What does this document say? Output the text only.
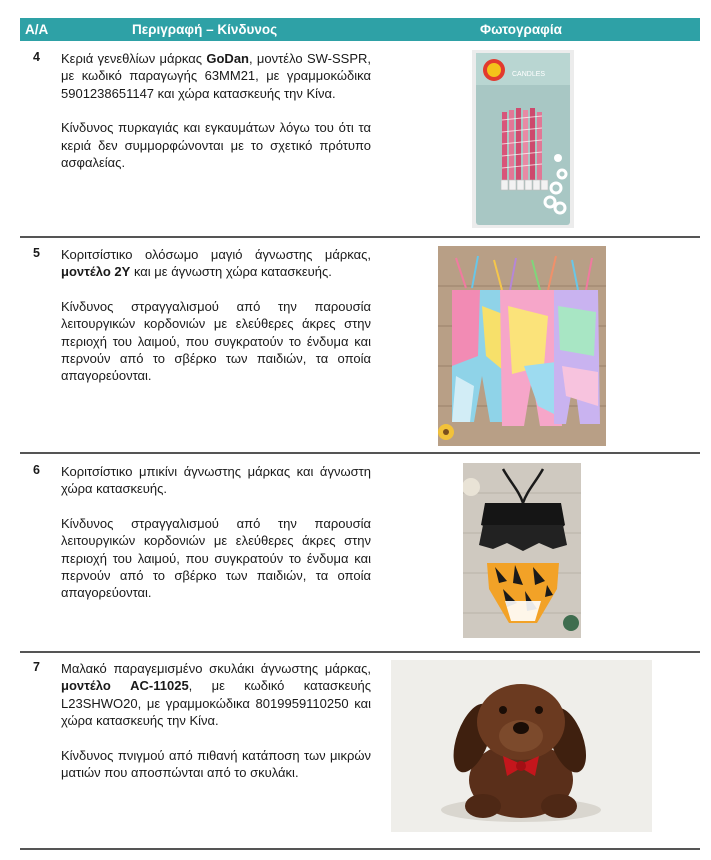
Α/Α	Περιγραφή – Κίνδυνος	Φωτογραφία
4 Κεριά γενεθλίων μάρκας GoDan, μοντέλο SW-SSPR, με κωδικό παραγωγής 63MM21, με γραμμοκώδικα 5901238651147 και χώρα κατασκευής την Κίνα.

Κίνδυνος πυρκαγιάς και εγκαυμάτων λόγω του ότι τα κεριά δεν συμμορφώνονται με το σχετικό πρότυπο ασφαλείας.

CANDLES
5 Κοριτσίστικο ολόσωμο μαγιό άγνωστης μάρκας, μοντέλο 2Y και με άγνωστη χώρα κατασκευής.

Κίνδυνος στραγγαλισμού από την παρουσία λειτουργικών κορδονιών με ελεύθερες άκρες στην περιοχή του λαιμού, που συγκρατούν το ένδυμα και περνούν από το σβέρκο των παιδιών, τα οποία απαγορεύονται.

6 Κοριτσίστικο μπικίνι άγνωστης μάρκας και άγνωστη χώρα κατασκευής.

Κίνδυνος στραγγαλισμού από την παρουσία λειτουργικών κορδονιών με ελεύθερες άκρες στην περιοχή του λαιμού, που συγκρατούν το ένδυμα και περνούν από το σβέρκο των παιδιών, τα οποία απαγορεύονται.

7 Μαλακό παραγεμισμένο σκυλάκι άγνωστης μάρκας, μοντέλο AC-11025, με κωδικό κατασκευής L23SHWO20, με γραμμοκώδικα 8019959110250 και χώρα κατασκευής την Κίνα.

Κίνδυνος πνιγμού από πιθανή κατάποση των μικρών ματιών που αποσπώνται από το σκυλάκι.
